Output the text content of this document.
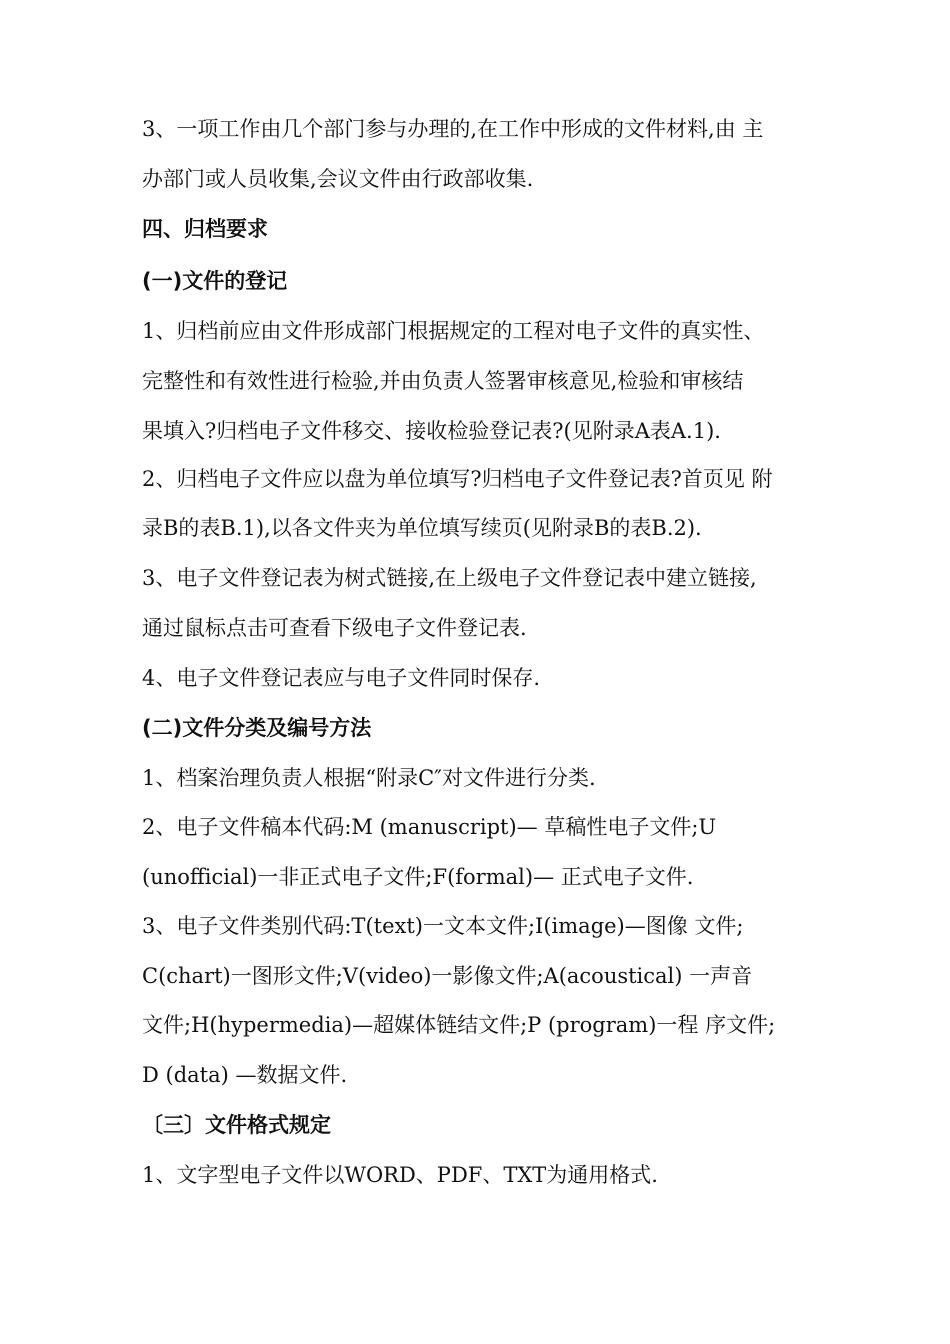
3、一项工作由几个部门参与办理的,在工作中形成的文件材料,由 主
办部门或人员收集,会议文件由行政部收集.
四、归档要求
(一)文件的登记
1、归档前应由文件形成部门根据规定的工程对电子文件的真实性、
完整性和有效性进行检验,并由负责人签署审核意见,检验和审核结
果填入?归档电子文件移交、接收检验登记表?(见附录A表A.1).
2、归档电子文件应以盘为单位填写?归档电子文件登记表?首页见 附
录B的表B.1),以各文件夹为单位填写续页(见附录B的表B.2).
3、电子文件登记表为树式链接,在上级电子文件登记表中建立链接,
通过鼠标点击可查看下级电子文件登记表.
4、电子文件登记表应与电子文件同时保存.
(二)文件分类及编号方法
1、档案治理负责人根据“附录C″对文件进行分类.
2、电子文件稿本代码:M (manuscript)— 草稿性电子文件;U
(unofficial)一非正式电子文件;F(formal)— 正式电子文件.
3、电子文件类别代码:T(text)一文本文件;I(image)—图像 文件;
C(chart)一图形文件;V(video)一影像文件;A(acoustical) 一声音
文件;H(hypermedia)—超媒体链结文件;P (program)一程 序文件;
D (data) —数据文件.
〔三〕文件格式规定
1、文字型电子文件以WORD、PDF、TXT为通用格式.
